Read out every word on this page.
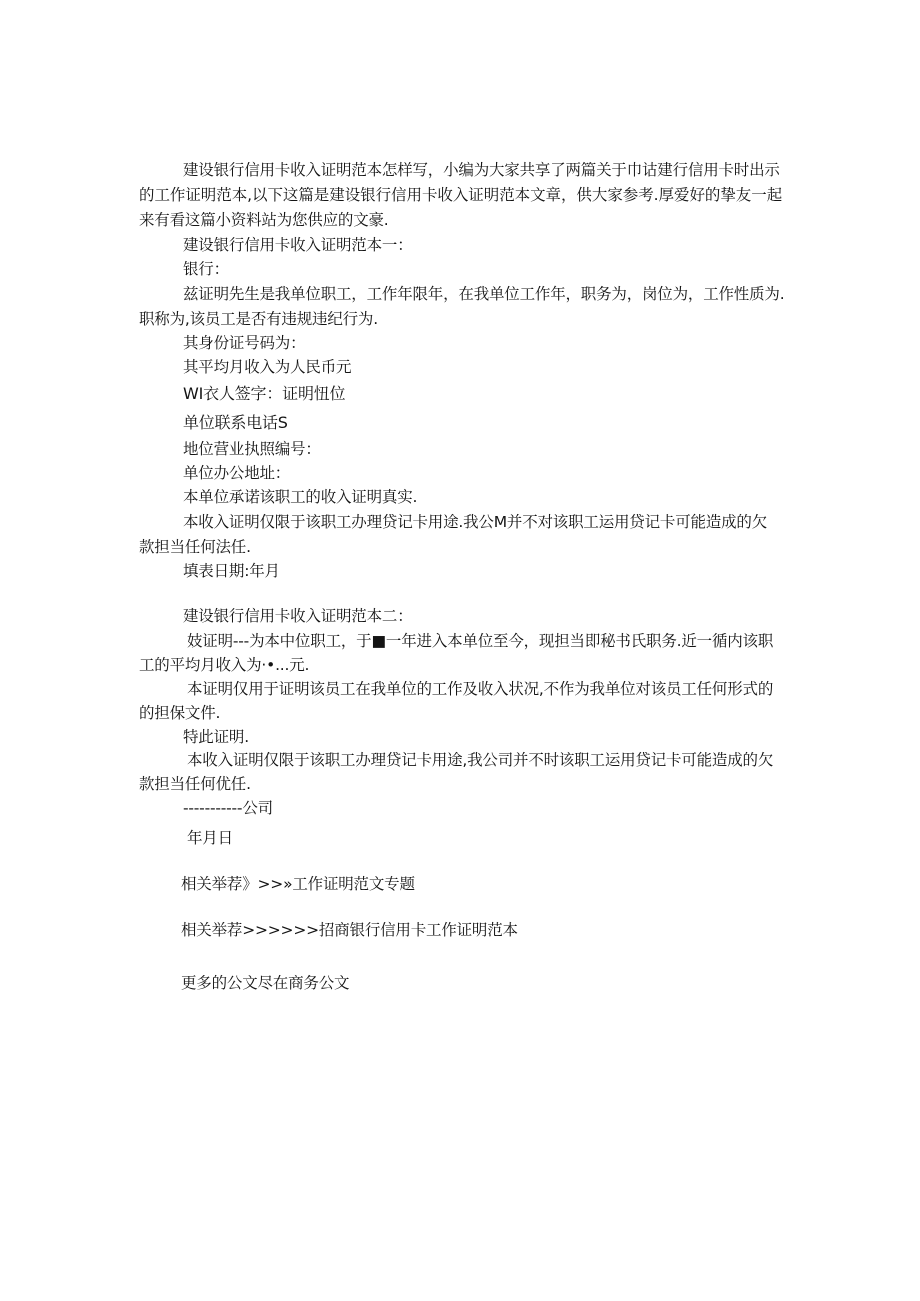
建设银行信用卡收入证明范本怎样写，小编为大家共享了两篇关于巾诂建行信用卡时出示
的工作证明范本,以下这篇是建设银行信用卡收入证明范本文章，供大家参考.厚爱好的挚友一起
来有看这篇小资料站为您供应的文豪.
建设银行信用卡收入证明范本一：
银行：
兹证明先生是我单位职工，工作年限年，在我单位工作年，职务为，岗位为，工作性质为.
职称为,该员工是否有违规违纪行为.
其身份证号码为：
其平均月收入为人民币元
WI衣人签字：证明忸位
单位联系电话S
地位营业执照编号：
单位办公地址：
本单位承诺该职工的收入证明真实.
本收入证明仅限于该职工办理贷记卡用途.我公M并不对该职工运用贷记卡可能造成的欠
款担当任何法任.
填表日期:年月
建设银行信用卡收入证明范本二：
妓证明---为本中位职工，于■一年进入本单位至今，现担当即秘书氏职务.近一循内该职
工的平均月收入为·•...元.
本证明仅用于证明该员工在我单位的工作及收入状况,不作为我单位对该员工任何形式的
的担保文件.
特此证明.
本收入证明仅限于该职工办理贷记卡用途,我公司并不时该职工运用贷记卡可能造成的欠
款担当任何优任.
-----------公司
年月日
相关举荐》>>»工作证明范文专题
相关举荐>>>>>>招商银行信用卡工作证明范本
更多的公文尽在商务公文
